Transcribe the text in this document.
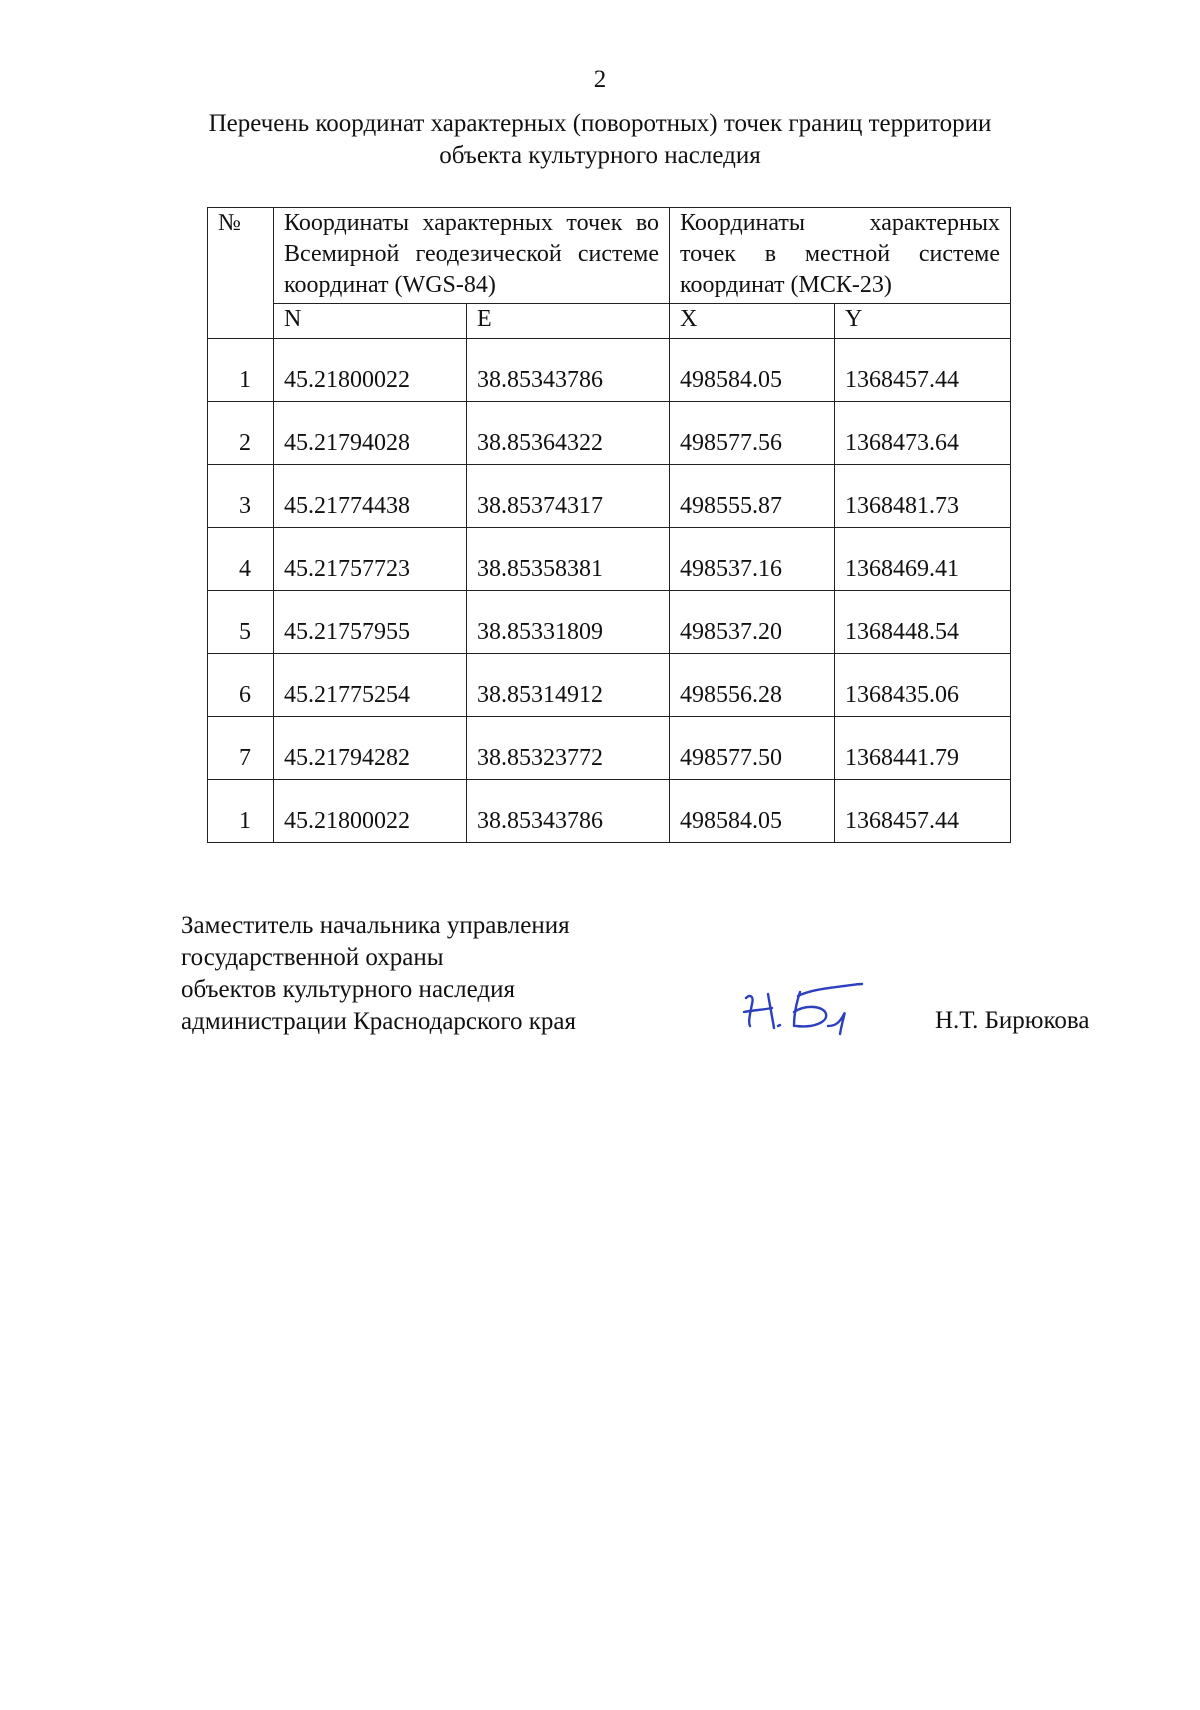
2
Перечень координат характерных (поворотных) точек границ территории
объекта культурного наследия
№	Координаты характерных точек во Всемирной геодезической системе координат (WGS-84)		Координаты характерных точек в местной системе координат (МСК-23)	
	N	E	X	Y
1	45.21800022	38.85343786	498584.05	1368457.44
2	45.21794028	38.85364322	498577.56	1368473.64
3	45.21774438	38.85374317	498555.87	1368481.73
4	45.21757723	38.85358381	498537.16	1368469.41
5	45.21757955	38.85331809	498537.20	1368448.54
6	45.21775254	38.85314912	498556.28	1368435.06
7	45.21794282	38.85323772	498577.50	1368441.79
1	45.21800022	38.85343786	498584.05	1368457.44
Заместитель начальника управления
государственной охраны
объектов культурного наследия
администрации Краснодарского края	Н.Т. Бирюкова
